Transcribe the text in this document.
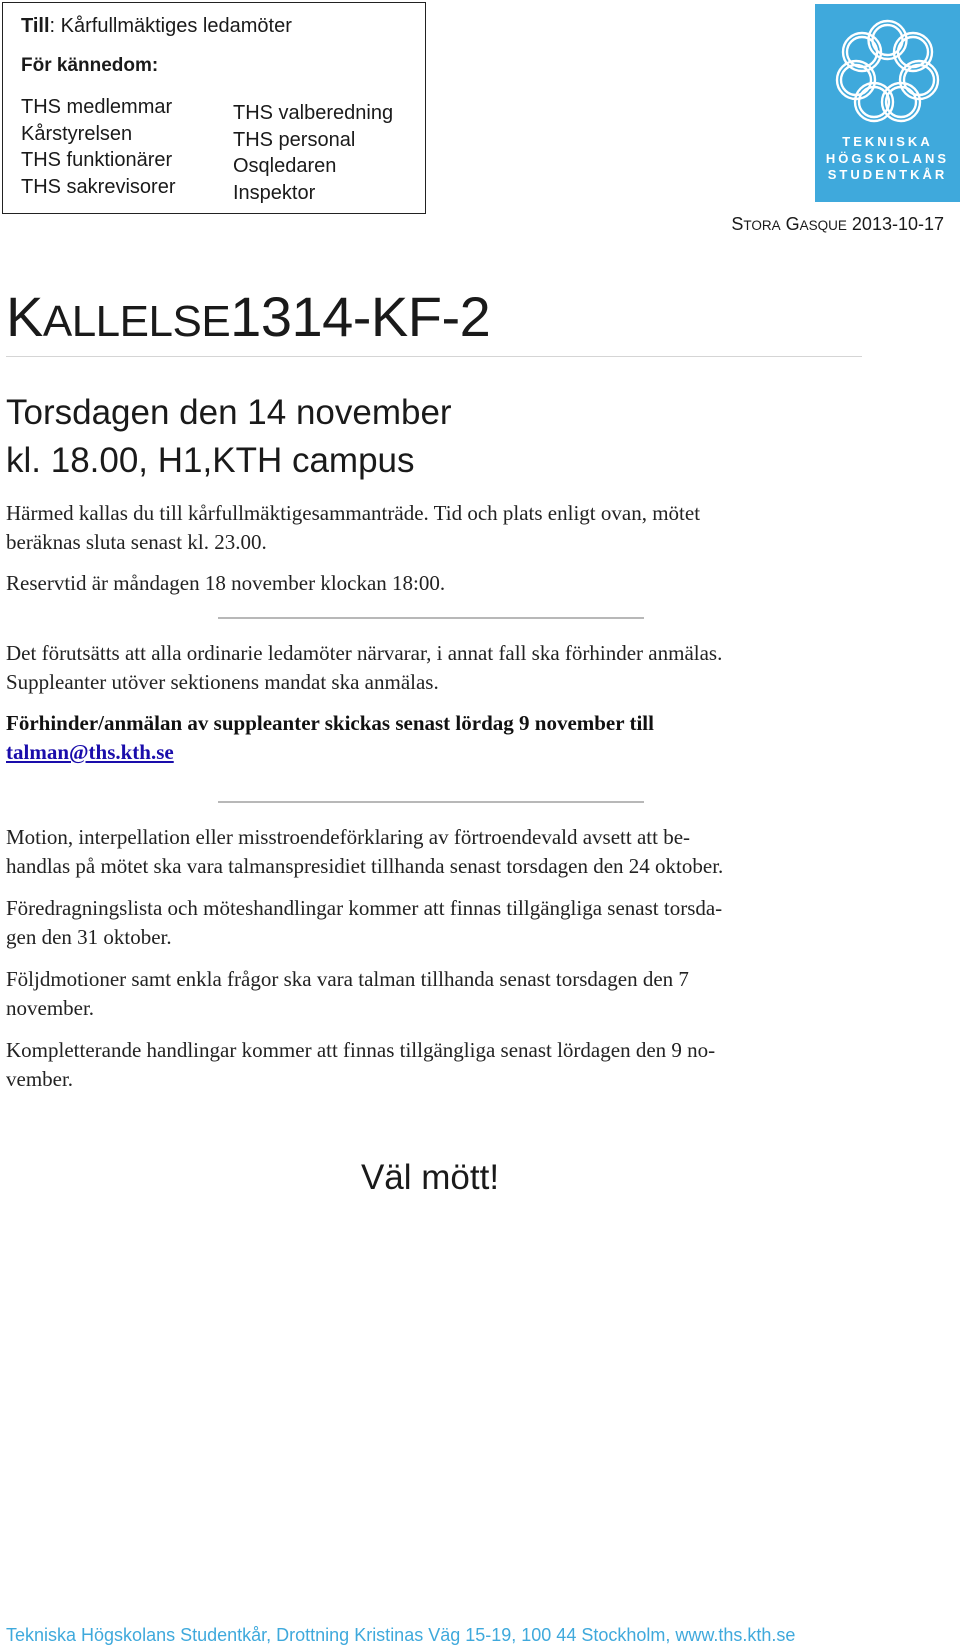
Till: Kårfullmäktiges ledamöter
För kännedom:
THS medlemmar
Kårstyrelsen
THS funktionärer
THS sakrevisorer
THS valberedning
THS personal
Osqledaren
Inspektor
TEKNISKA
HÖGSKOLANS
STUDENTKÅR
STORA GASQUE 2013-10-17
KALLELSE1314-KF-2
Torsdagen den 14 november
kl. 18.00, H1,KTH campus
Härmed kallas du till kårfullmäktigesammanträde. Tid och plats enligt ovan, mötet
beräknas sluta senast kl. 23.00.
Reservtid är måndagen 18 november klockan 18:00.
Det förutsätts att alla ordinarie ledamöter närvarar, i annat fall ska förhinder anmälas.
Suppleanter utöver sektionens mandat ska anmälas.
Förhinder/anmälan av suppleanter skickas senast lördag 9 november till
talman@ths.kth.se
Motion, interpellation eller misstroendeförklaring av förtroendevald avsett att be-
handlas på mötet ska vara talmanspresidiet tillhanda senast torsdagen den 24 oktober.
Föredragningslista och möteshandlingar kommer att finnas tillgängliga senast torsda-
gen den 31 oktober.
Följdmotioner samt enkla frågor ska vara talman tillhanda senast torsdagen den 7
november.
Kompletterande handlingar kommer att finnas tillgängliga senast lördagen den 9 no-
vember.
Väl mött!
Tekniska Högskolans Studentkår, Drottning Kristinas Väg 15-19, 100 44 Stockholm, www.ths.kth.se
